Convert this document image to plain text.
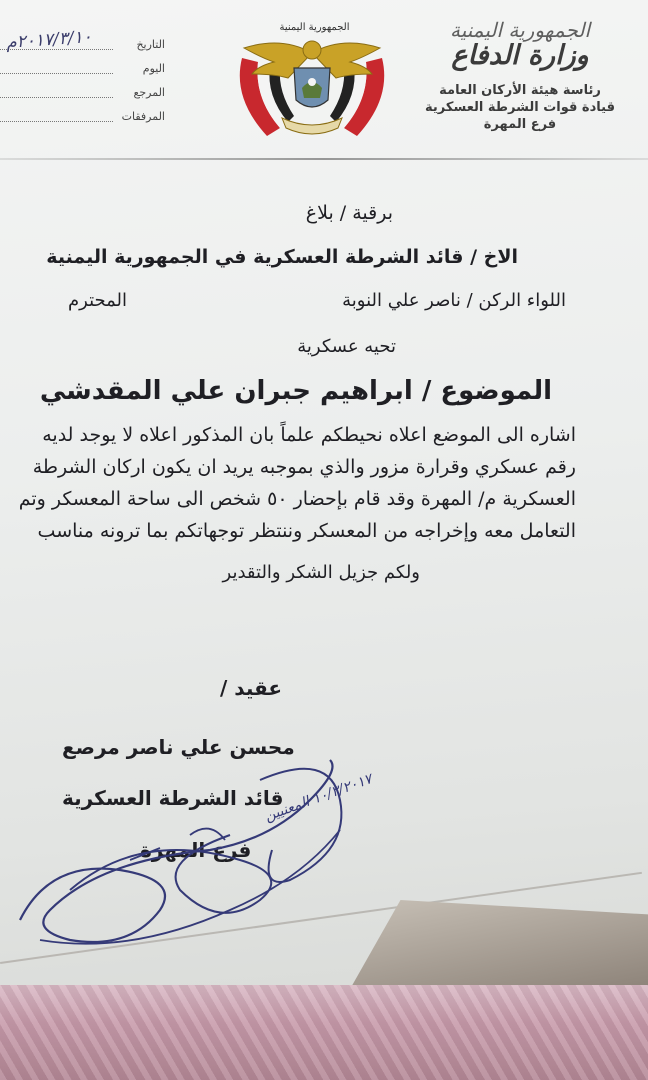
الجمهورية اليمنية
وزارة الدفاع
رئاسة هيئة الأركان العامة
قيادة قوات الشرطة العسكرية
فرع المهرة
الجمهورية اليمنية
التاريخ
٢٠١٧/٣/١٠م
اليوم
المرجع
المرفقات
برقية / بلاغ
الاخ / قائد الشرطة العسكرية في الجمهورية اليمنية
اللواء الركن / ناصر علي النوبة
المحترم
تحيه عسكرية
الموضوع / ابراهيم جبران علي المقدشي
اشاره الى الموضع اعلاه نحيطكم علماً بان المذكور اعلاه لا يوجد لديه
رقم عسكري وقرارة مزور والذي بموجبه يريد ان يكون اركان الشرطة
العسكرية م/ المهرة وقد قام بإحضار ٥٠ شخص الى ساحة المعسكر وتم
التعامل معه وإخراجه من المعسكر وننتظر توجهاتكم بما ترونه مناسب
ولكم جزيل الشكر والتقدير
عقيد /
محسن علي ناصر مرصع
قائد الشرطة العسكرية
فرع المهرة
١٠/٣/٢٠١٧ المعنيين
